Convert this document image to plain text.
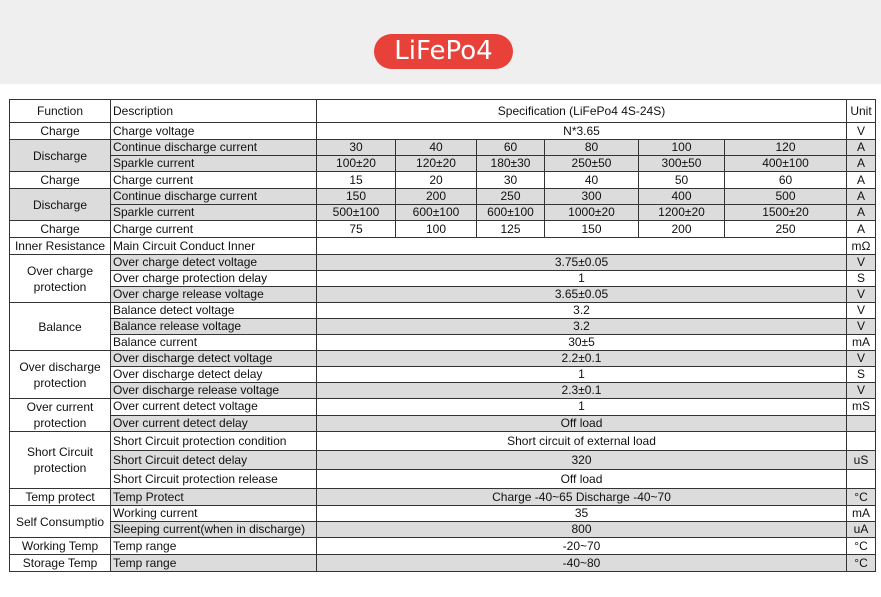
LiFePo4
Function	Description	Specification (LiFePo4 4S-24S)						Unit
Charge	Charge voltage	N*3.65						V
Discharge	Continue discharge current	30	40	60	80	100	120	A
	Sparkle current	100±20	120±20	180±30	250±50	300±50	400±100	A
Charge	Charge current	15	20	30	40	50	60	A
Discharge	Continue discharge current	150	200	250	300	400	500	A
	Sparkle current	500±100	600±100	600±100	1000±20	1200±20	1500±20	A
Charge	Charge current	75	100	125	150	200	250	A
Inner Resistance	Main Circuit Conduct Inner							mΩ
Over charge protection	Over charge detect voltage	3.75±0.05						V
	Over charge protection delay	1						S
	Over charge release voltage	3.65±0.05						V
Balance	Balance detect voltage	3.2						V
	Balance release voltage	3.2						V
	Balance current	30±5						mA
Over discharge protection	Over discharge detect voltage	2.2±0.1						V
	Over discharge detect delay	1						S
	Over discharge release voltage	2.3±0.1						V
Over current protection	Over current detect voltage	1						mS
	Over current detect delay	Off load						
Short Circuit protection	Short Circuit protection condition	Short circuit of external load						
	Short Circuit detect delay	320						uS
	Short Circuit protection release	Off load						
Temp protect	Temp Protect	Charge -40~65 Discharge -40~70						°C
Self Consumptio	Working current	35						mA
	Sleeping current(when in discharge)	800						uA
Working Temp	Temp range	-20~70						°C
Storage Temp	Temp range	-40~80						°C
